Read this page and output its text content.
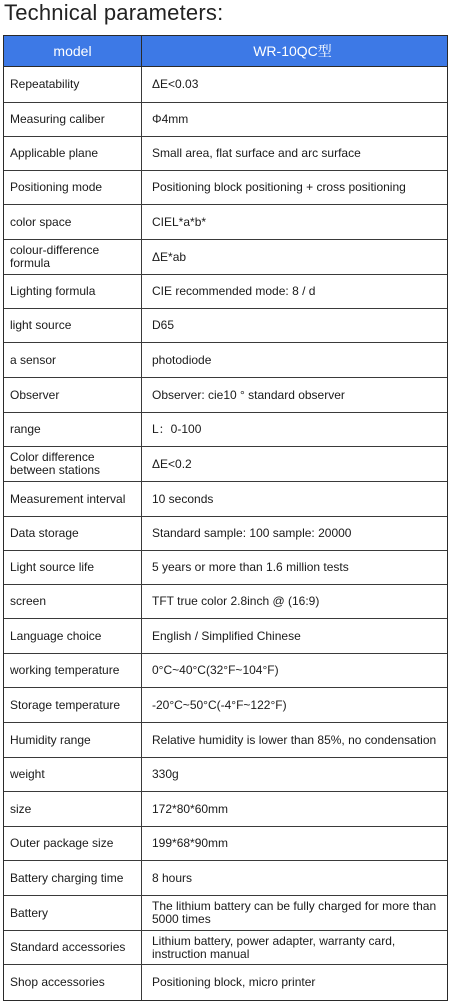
Technical parameters:
model	WR-10QC型
Repeatability	ΔE<0.03
Measuring caliber	Φ4mm
Applicable plane	Small area, flat surface and arc surface
Positioning mode	Positioning block positioning + cross positioning
color space	CIEL*a*b*
colour-difference formula	ΔE*ab
Lighting formula	CIE recommended mode: 8 / d
light source	D65
a sensor	photodiode
Observer	Observer: cie10 ° standard observer
range	L：0-100
Color difference between stations	ΔE<0.2
Measurement interval	10 seconds
Data storage	Standard sample: 100 sample: 20000
Light source life	5 years or more than 1.6 million tests
screen	TFT true color 2.8inch @ (16:9)
Language choice	English / Simplified Chinese
working temperature	0°C~40°C(32°F~104°F)
Storage temperature	-20°C~50°C(-4°F~122°F)
Humidity range	Relative humidity is lower than 85%, no condensation
weight	330g
size	172*80*60mm
Outer package size	199*68*90mm
Battery charging time	8 hours
Battery	The lithium battery can be fully charged for more than 5000 times
Standard accessories	Lithium battery, power adapter, warranty card, instruction manual
Shop accessories	Positioning block, micro printer
